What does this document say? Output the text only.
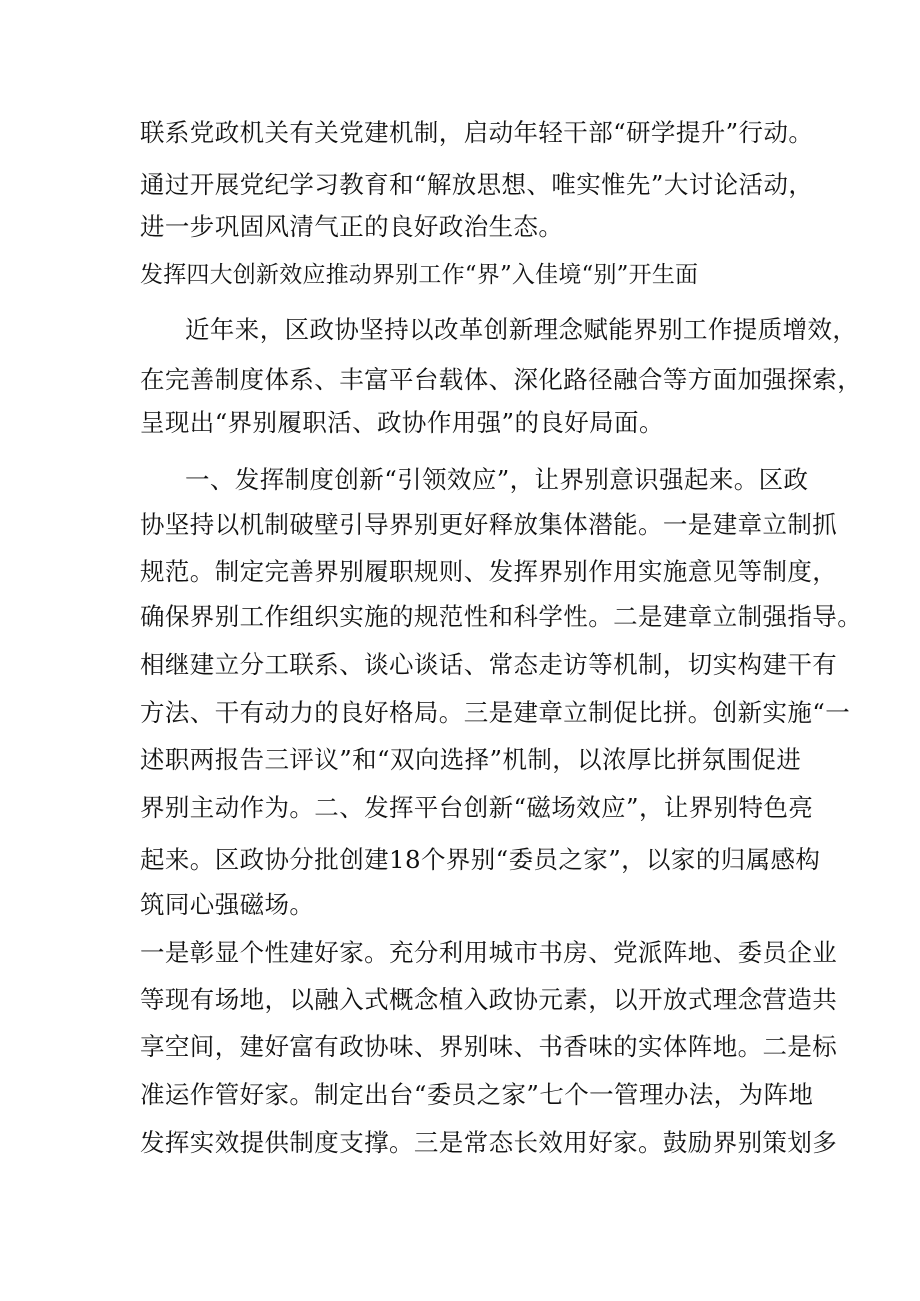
联系党政机关有关党建机制，启动年轻干部“研学提升”行动。
通过开展党纪学习教育和“解放思想、唯实惟先”大讨论活动，
进一步巩固风清气正的良好政治生态。
发挥四大创新效应推动界别工作“界”入佳境“别”开生面
近年来，区政协坚持以改革创新理念赋能界别工作提质增效，
在完善制度体系、丰富平台载体、深化路径融合等方面加强探索，
呈现出“界别履职活、政协作用强”的良好局面。
一、发挥制度创新“引领效应”，让界别意识强起来。区政
协坚持以机制破壁引导界别更好释放集体潜能。一是建章立制抓
规范。制定完善界别履职规则、发挥界别作用实施意见等制度，
确保界别工作组织实施的规范性和科学性。二是建章立制强指导。
相继建立分工联系、谈心谈话、常态走访等机制，切实构建干有
方法、干有动力的良好格局。三是建章立制促比拼。创新实施“一
述职两报告三评议”和“双向选择”机制，以浓厚比拼氛围促进
界别主动作为。二、发挥平台创新“磁场效应”，让界别特色亮
起来。区政协分批创建18个界别“委员之家”，以家的归属感构
筑同心强磁场。
一是彰显个性建好家。充分利用城市书房、党派阵地、委员企业
等现有场地，以融入式概念植入政协元素，以开放式理念营造共
享空间，建好富有政协味、界别味、书香味的实体阵地。二是标
准运作管好家。制定出台“委员之家”七个一管理办法，为阵地
发挥实效提供制度支撑。三是常态长效用好家。鼓励界别策划多
